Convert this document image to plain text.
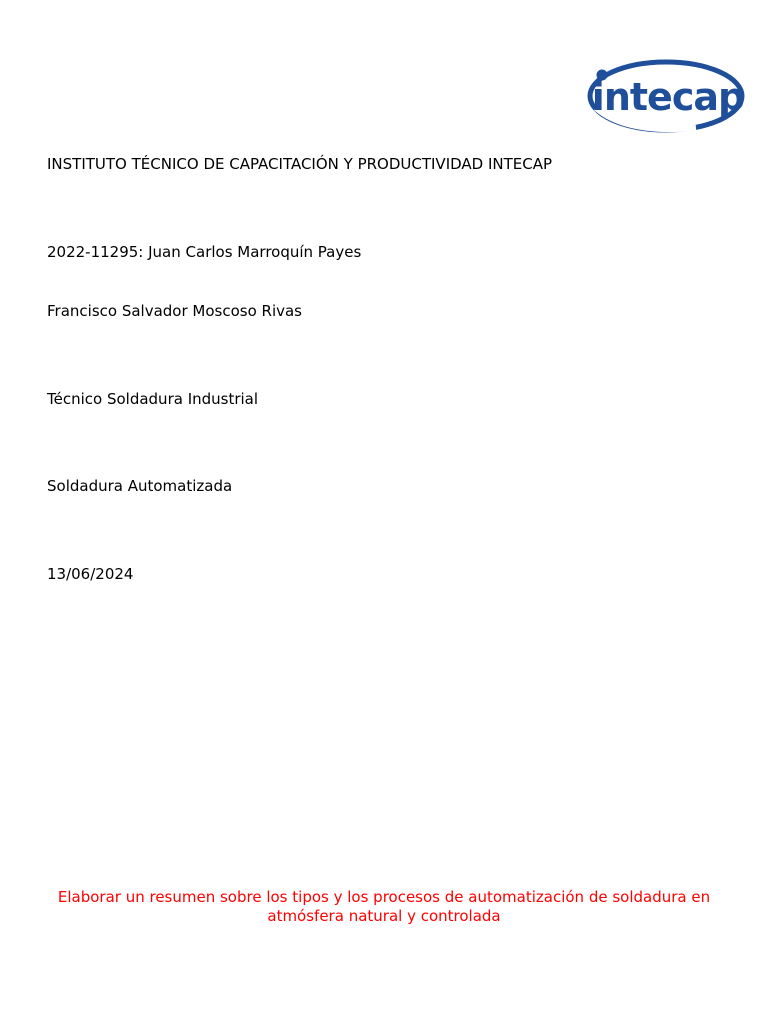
intecap
INSTITUTO TÉCNICO DE CAPACITACIÓN Y PRODUCTIVIDAD INTECAP
2022-11295: Juan Carlos Marroquín Payes
Francisco Salvador Moscoso Rivas
Técnico Soldadura Industrial
Soldadura Automatizada
13/06/2024
Elaborar un resumen sobre los tipos y los procesos de automatización de soldadura en atmósfera natural y controlada
